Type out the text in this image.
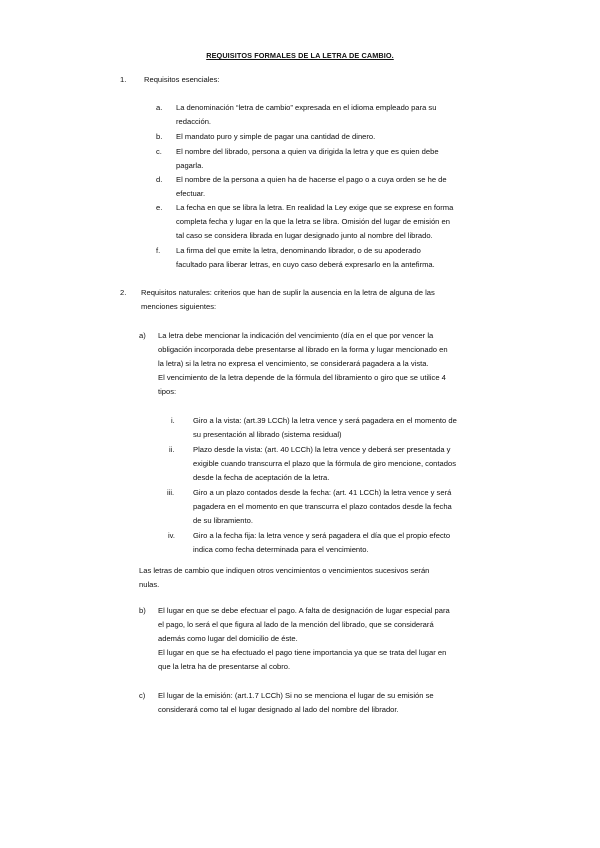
REQUISITOS FORMALES DE LA LETRA DE CAMBIO.
1. Requisitos esenciales:
a. La denominación “letra de cambio” expresada en el idioma empleado para su
redacción.
b. El mandato puro y simple de pagar una cantidad de dinero.
c. El nombre del librado, persona a quien va dirigida la letra y que es quien debe
pagarla.
d. El nombre de la persona a quien ha de hacerse el pago o a cuya orden se he de
efectuar.
e. La fecha en que se libra la letra. En realidad la Ley exige que se exprese en forma
completa fecha y lugar en la que la letra se libra. Omisión del lugar de emisión en
tal caso se considera librada en lugar designado junto al nombre del librado.
f. La firma del que emite la letra, denominando librador, o de su apoderado
facultado para liberar letras, en cuyo caso deberá expresarlo en la antefirma.
2. Requisitos naturales: criterios que han de suplir la ausencia en la letra de alguna de las
menciones siguientes:
a) La letra debe mencionar la indicación del vencimiento (día en el que por vencer la
obligación incorporada debe presentarse al librado en la forma y lugar mencionado en
la letra) si la letra no expresa el vencimiento, se considerará pagadera a la vista.
El vencimiento de la letra depende de la fórmula del libramiento o giro que se utilice 4
tipos:
i. Giro a la vista: (art.39 LCCh) la letra vence y será pagadera en el momento de
su presentación al librado (sistema residual)
ii. Plazo desde la vista: (art. 40 LCCh) la letra vence y deberá ser presentada y
exigible cuando transcurra el plazo que la fórmula de giro mencione, contados
desde la fecha de aceptación de la letra.
iii. Giro a un plazo contados desde la fecha: (art. 41 LCCh) la letra vence y será
pagadera en el momento en que transcurra el plazo contados desde la fecha
de su libramiento.
iv. Giro a la fecha fija: la letra vence y será pagadera el día que el propio efecto
indica como fecha determinada para el vencimiento.
Las letras de cambio que indiquen otros vencimientos o vencimientos sucesivos serán
nulas.
b) El lugar en que se debe efectuar el pago. A falta de designación de lugar especial para
el pago, lo será el que figura al lado de la mención del librado, que se considerará
además como lugar del domicilio de éste.
El lugar en que se ha efectuado el pago tiene importancia ya que se trata del lugar en
que la letra ha de presentarse al cobro.
c) El lugar de la emisión: (art.1.7 LCCh) Si no se menciona el lugar de su emisión se
considerará como tal el lugar designado al lado del nombre del librador.
